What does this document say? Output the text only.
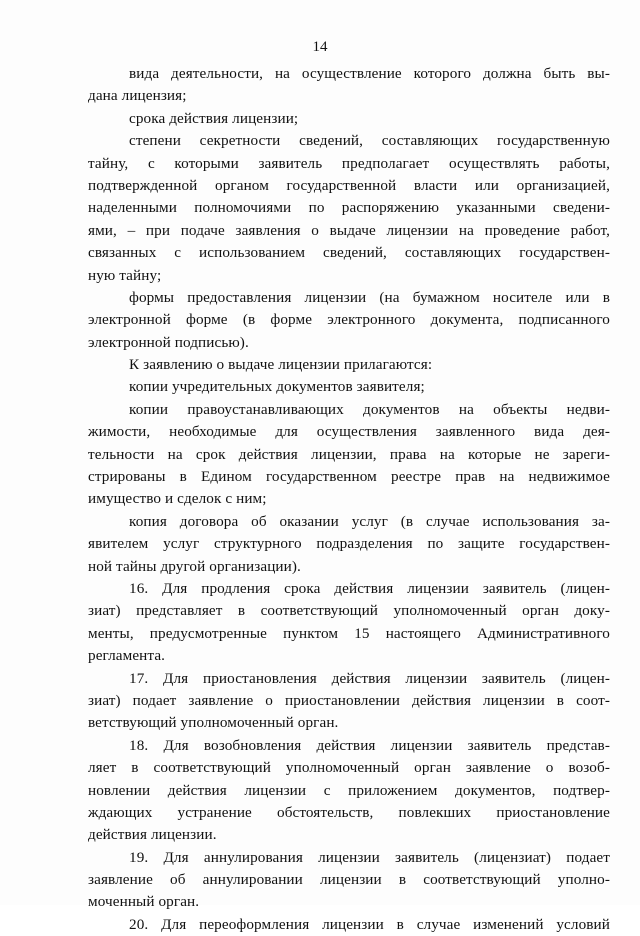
14
вида деятельности, на осуществление которого должна быть вы-
дана лицензия;
срока действия лицензии;
степени секретности сведений, составляющих государственную
тайну, с которыми заявитель предполагает осуществлять работы,
подтвержденной органом государственной власти или организацией,
наделенными полномочиями по распоряжению указанными сведени-
ями, – при подаче заявления о выдаче лицензии на проведение работ,
связанных с использованием сведений, составляющих государствен-
ную тайну;
формы предоставления лицензии (на бумажном носителе или в
электронной форме (в форме электронного документа, подписанного
электронной подписью).
К заявлению о выдаче лицензии прилагаются:
копии учредительных документов заявителя;
копии правоустанавливающих документов на объекты недви-
жимости, необходимые для осуществления заявленного вида дея-
тельности на срок действия лицензии, права на которые не зареги-
стрированы в Едином государственном реестре прав на недвижимое
имущество и сделок с ним;
копия договора об оказании услуг (в случае использования за-
явителем услуг структурного подразделения по защите государствен-
ной тайны другой организации).
16. Для продления срока действия лицензии заявитель (лицен-
зиат) представляет в соответствующий уполномоченный орган доку-
менты, предусмотренные пунктом 15 настоящего Административного
регламента.
17. Для приостановления действия лицензии заявитель (лицен-
зиат) подает заявление о приостановлении действия лицензии в соот-
ветствующий уполномоченный орган.
18. Для возобновления действия лицензии заявитель представ-
ляет в соответствующий уполномоченный орган заявление о возоб-
новлении действия лицензии с приложением документов, подтвер-
ждающих устранение обстоятельств, повлекших приостановление
действия лицензии.
19. Для аннулирования лицензии заявитель (лицензиат) подает
заявление об аннулировании лицензии в соответствующий уполно-
моченный орган.
20. Для переоформления лицензии в случае изменений условий
